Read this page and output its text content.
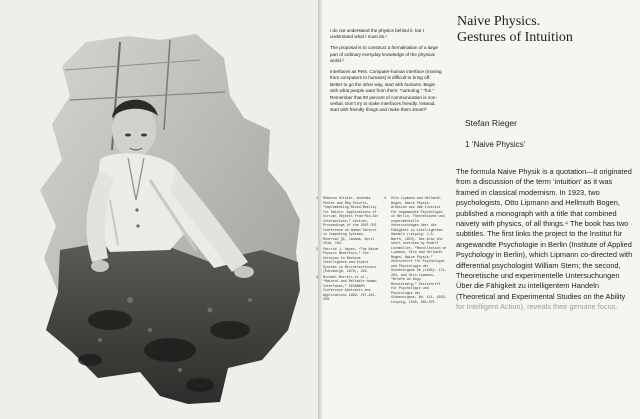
I do not understand the physics behind it, but I understand what I must do.¹

The proposal is to construct a formalisation of a large part of ordinary everyday knowledge of the physical world.²

Interfaces as Pets. Computer-human interface (moving from computers to humans) is difficult to bring off. Better to go the other way, start with humans. Begin with what people want from them: “nurturing,” “fun.” Remember that 90 percent of communication is non-verbal. Don’t try to make interfaces friendly. Instead, start with friendly things and make them smart!³

Naive Physics.
Gestures of Intuition
Stefan Rieger
1 ‘Naive Physics’
1 Rebecca Grinter, Andreas Pester and Reg Schultz, “Implementing Mixed-Reality for Nature: Applications of Virtual Objects from Mid-Air Interactions,” Lecture, Proceedings of the 2015 CHI Conference on Human Factors in Computing Systems, Montreal QC, Canada, April 2018, 104.
2 Patrick J. Hayes, “The Naive Physics Manifesto,” Old Versions in Machine Intelligence and Expert Systems in Microelectronics (Edinburgh, 1979), 243.
3 Michael Burrels et al., “Natural and Reliable Human Interfaces,” SIGGRAPH Conference Abstracts and Applications 1999, 257–261, 258.
4 Otto Lipmann and Hellmuth Bogen, Naive Physik: Arbeiten aus dem Institut für angewandte Psychologie in Berlin. Theoretische und experimentelle Untersuchungen über die Fähigkeit zu intelligentem Handeln (Leipzig: J.A. Barth, 1923). See also the short overview by Rudolf Lochmüller, “Recollection on Lipmann, Otto and Hellmuth Bogen, Naive Physik,” Zeitschrift für Psychologie und Physiologie der Sinnesorgane 99 (1926): 171–204, and Otto Lipmann, “Briefe an Hugo Münsterberg,” Zeitschrift für Psychologie und Physiologie der Sinnesorgane, Bd. 111, 1929, Leipzig, 1930, 365–375.
The formula Naive Physik is a quotation—it originated from a discussion of the term ‘intuition’ as it was framed in classical modernism. In 1923, two psychologists, Otto Lipmann and Hellmuth Bogen, published a monograph with a title that combined naivety with physics, of all things.⁴ The book has two subtitles. The first links the project to the Institut für angewandte Psychologie in Berlin (Institute of Applied Psychology in Berlin), which Lipmann co-directed with differential psychologist William Stern; the second, Theoretische und experimentelle Untersuchungen Über die Fähigkeit zu intelligentem Handeln (Theoretical and Experimental Studies on the Ability for Intelligent Action), reveals their genuine focus.
